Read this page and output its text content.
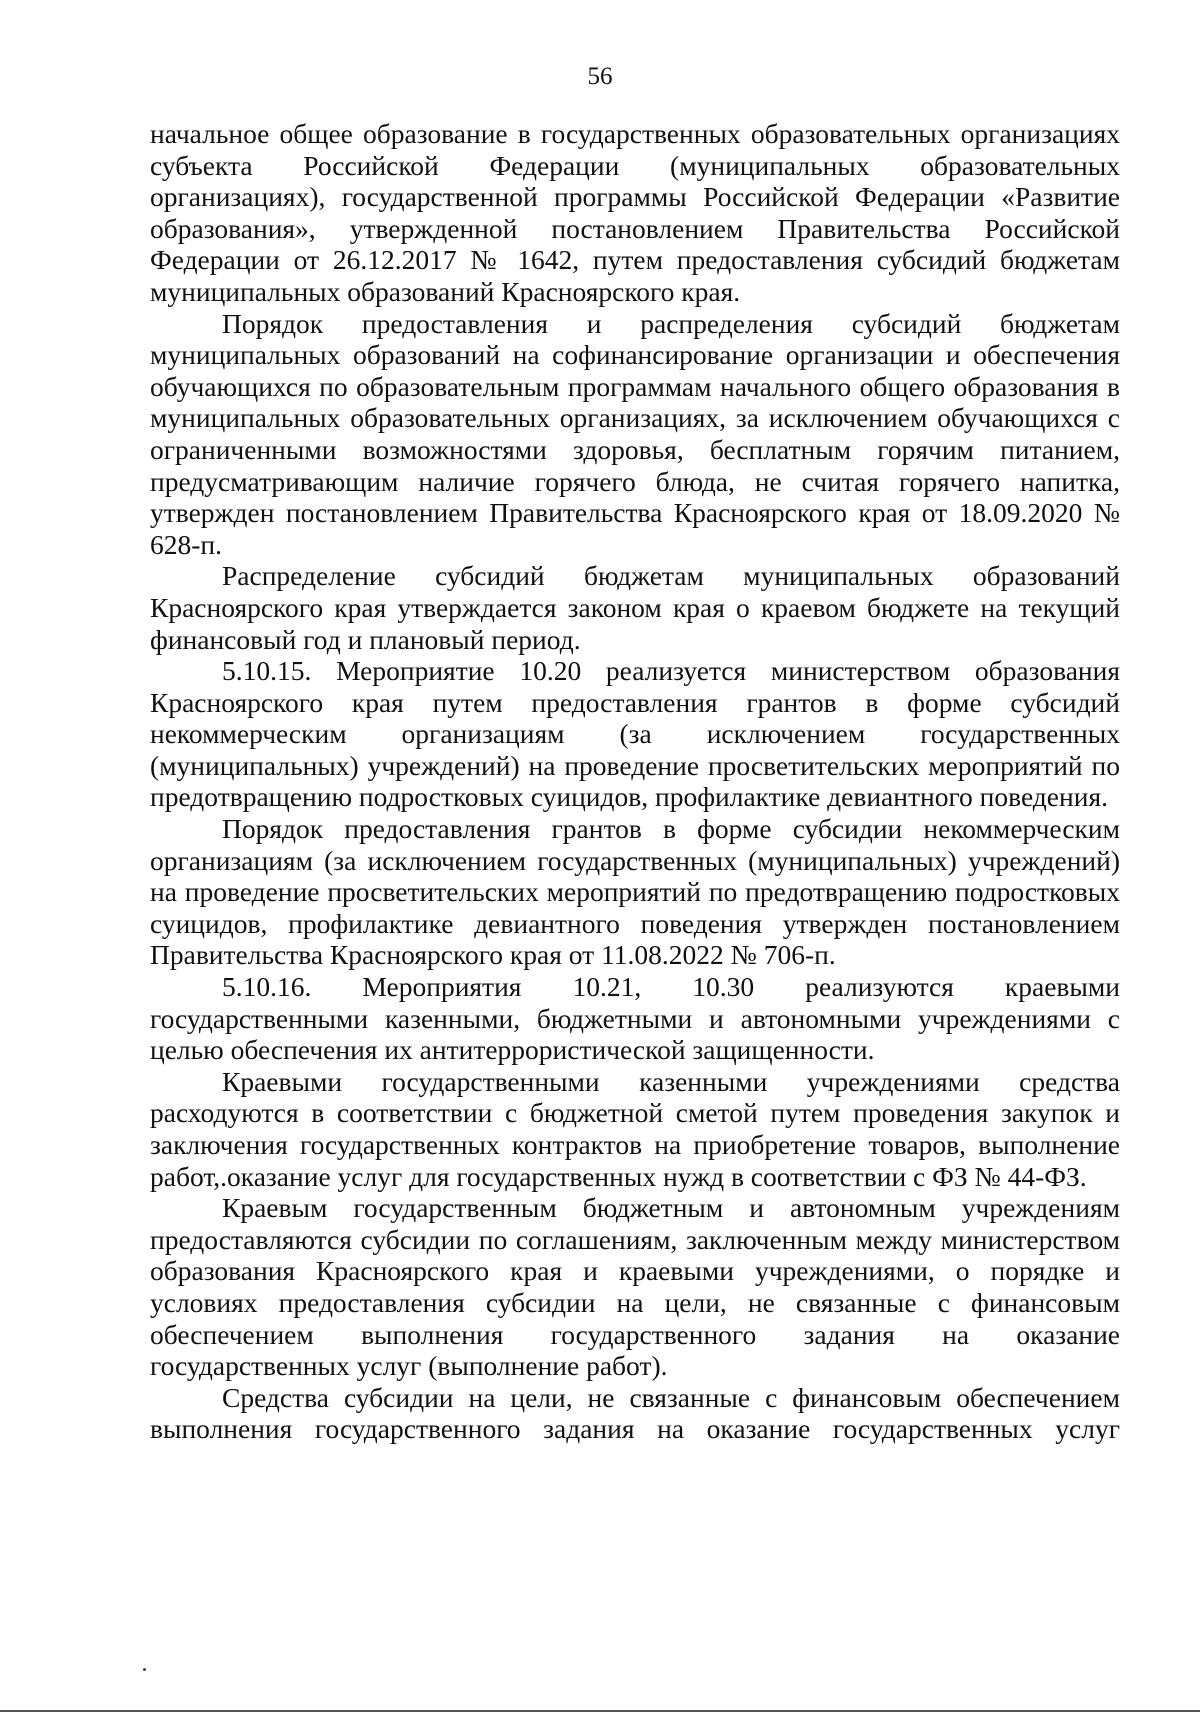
56

начальное общее образование в государственных образовательных организациях субъекта Российской Федерации (муниципальных образовательных организациях), государственной программы Российской Федерации «Развитие образования», утвержденной постановлением Правительства Российской Федерации от 26.12.2017 № 1642, путем предоставления субсидий бюджетам муниципальных образований Красноярского края.

Порядок предоставления и распределения субсидий бюджетам муниципальных образований на софинансирование организации и обеспечения обучающихся по образовательным программам начального общего образования в муниципальных образовательных организациях, за исключением обучающихся с ограниченными возможностями здоровья, бесплатным горячим питанием, предусматривающим наличие горячего блюда, не считая горячего напитка, утвержден постановлением Правительства Красноярского края от 18.09.2020 № 628-п.

Распределение субсидий бюджетам муниципальных образований Красноярского края утверждается законом края о краевом бюджете на текущий финансовый год и плановый период.

5.10.15. Мероприятие 10.20 реализуется министерством образования Красноярского края путем предоставления грантов в форме субсидий некоммерческим организациям (за исключением государственных (муниципальных) учреждений) на проведение просветительских мероприятий по предотвращению подростковых суицидов, профилактике девиантного поведения.

Порядок предоставления грантов в форме субсидии некоммерческим организациям (за исключением государственных (муниципальных) учреждений) на проведение просветительских мероприятий по предотвращению подростковых суицидов, профилактике девиантного поведения утвержден постановлением Правительства Красноярского края от 11.08.2022 № 706-п.

5.10.16. Мероприятия 10.21, 10.30 реализуются краевыми государственными казенными, бюджетными и автономными учреждениями с целью обеспечения их антитеррористической защищенности.

Краевыми государственными казенными учреждениями средства расходуются в соответствии с бюджетной сметой путем проведения закупок и заключения государственных контрактов на приобретение товаров, выполнение работ,.оказание услуг для государственных нужд в соответствии с ФЗ № 44-ФЗ.

Краевым государственным бюджетным и автономным учреждениям предоставляются субсидии по соглашениям, заключенным между министерством образования Красноярского края и краевыми учреждениями, о порядке и условиях предоставления субсидии на цели, не связанные с финансовым обеспечением выполнения государственного задания на оказание государственных услуг (выполнение работ).

Средства субсидии на цели, не связанные с финансовым обеспечением выполнения государственного задания на оказание государственных услуг
